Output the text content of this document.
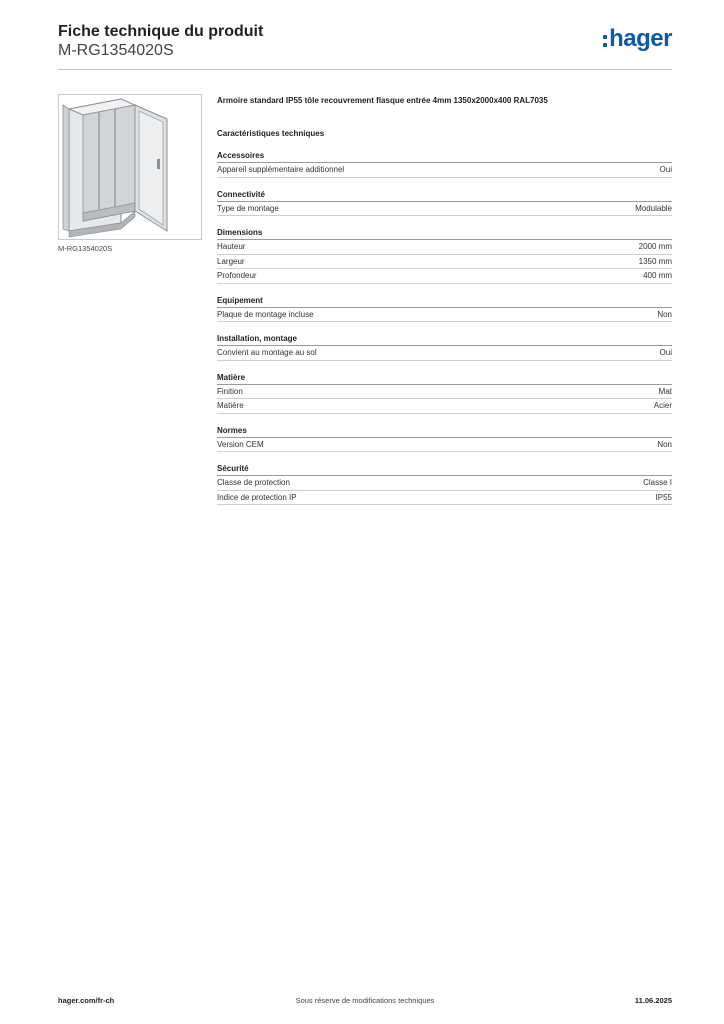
Fiche technique du produit
M-RG1354020S	hager
M-RG1354020S
Armoire standard IP55 tôle recouvrement flasque entrée 4mm 1350x2000x400 RAL7035
Caractéristiques techniques
Accessoires
Appareil supplémentaire additionnel	Oui
Connectivité
Type de montage	Modulable
Dimensions
Hauteur	2000 mm
Largeur	1350 mm
Profondeur	400 mm
Equipement
Plaque de montage incluse	Non
Installation, montage
Convient au montage au sol	Oui
Matière
Finition	Mat
Matière	Acier
Normes
Version CEM	Non
Sécurité
Classe de protection	Classe I
Indice de protection IP	IP55
hager.com/fr-ch	Sous réserve de modifications techniques	11.06.2025
